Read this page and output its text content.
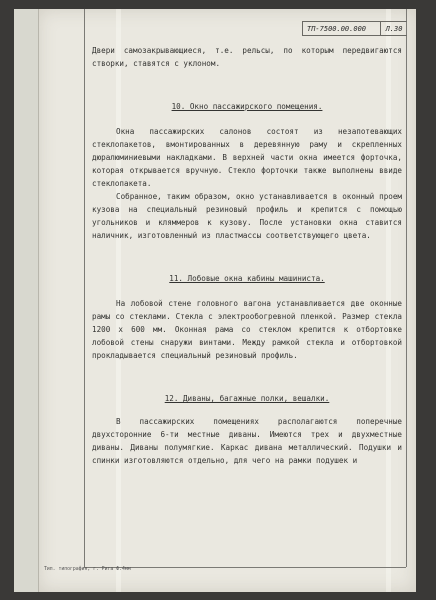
ТП-7500.00.000	Л.30

Двери самозакрывающиеся, т.е. рельсы, по которым передвигаются створки, ставятся с уклоном.

10. Окно пассажирского помещения.

Окна пассажирских салонов состоят из незапотевающих стеклопакетов, вмонтированных в деревянную раму и скрепленных дюралюминиевыми накладками. В верхней части окна имеется форточка, которая открывается вручную. Стекло форточки также выполнены ввиде стеклопакета.

Собранное, таким образом, окно устанавливается в оконный проем кузова на специальный резиновый профиль и крепится с помощью угольников и кляммеров к кузову. После установки окна ставится наличник, изготовленный из пластмассы соответствующего цвета.

11. Лобовые окна кабины машиниста.

На лобовой стене головного вагона устанавливается две оконные рамы со стеклами. Стекла с электрообогревной пленкой. Размер стекла 1200 х 600 мм. Оконная рама со стеклом крепится к отбортовке лобовой стены снаружи винтами. Между рамкой стекла и отбортовкой прокладывается специальный резиновый профиль.

12. Диваны, багажные полки, вешалки.

В пассажирских помещениях располагаются поперечные двухсторонние 6-ти местные диваны. Имеются трех и двухместные диваны. Диваны полумягкие. Каркас дивана металлический. Подушки и спинки изготовляются отдельно, для чего на рамки подушек и

Тип. типография, г. Рига Ф.4мм
